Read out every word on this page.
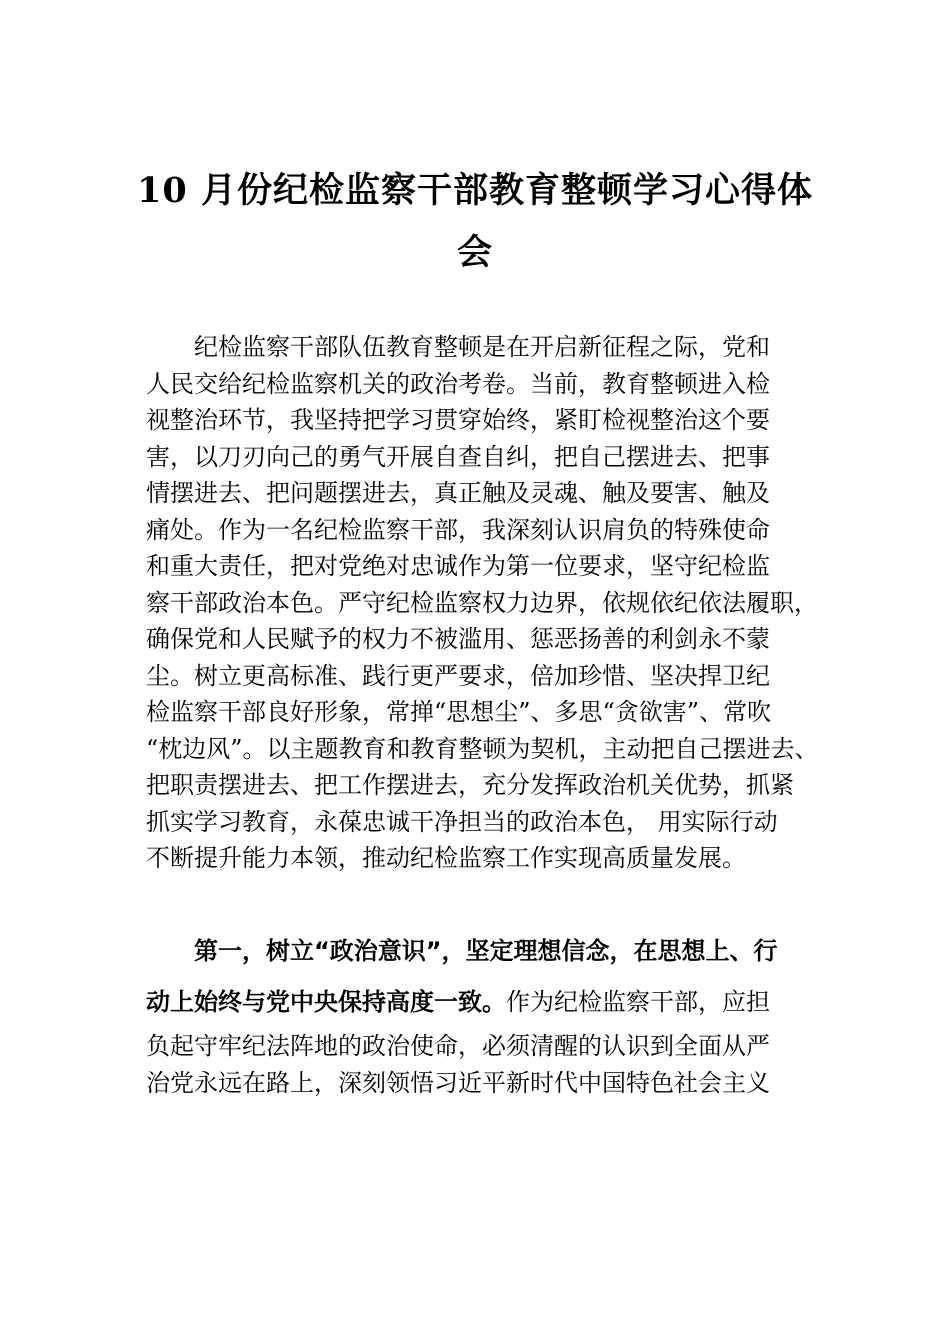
10 月份纪检监察干部教育整顿学习心得体
会
纪检监察干部队伍教育整顿是在开启新征程之际，党和
人民交给纪检监察机关的政治考卷。当前，教育整顿进入检
视整治环节，我坚持把学习贯穿始终，紧盯检视整治这个要
害，以刀刃向己的勇气开展自查自纠，把自己摆进去、把事
情摆进去、把问题摆进去，真正触及灵魂、触及要害、触及
痛处。作为一名纪检监察干部，我深刻认识肩负的特殊使命
和重大责任，把对党绝对忠诚作为第一位要求，坚守纪检监
察干部政治本色。严守纪检监察权力边界，依规依纪依法履职，
确保党和人民赋予的权力不被滥用、惩恶扬善的利剑永不蒙
尘。树立更高标准、践行更严要求，倍加珍惜、坚决捍卫纪
检监察干部良好形象，常掸“思想尘”、多思“贪欲害”、常吹
“枕边风”。以主题教育和教育整顿为契机，主动把自己摆进去、
把职责摆进去、把工作摆进去，充分发挥政治机关优势，抓紧
抓实学习教育，永葆忠诚干净担当的政治本色， 用实际行动
不断提升能力本领，推动纪检监察工作实现高质量发展。
第一，树立“政治意识”，坚定理想信念，在思想上、行
动上始终与党中央保持高度一致。作为纪检监察干部，应担
负起守牢纪法阵地的政治使命，必须清醒的认识到全面从严
治党永远在路上，深刻领悟习近平新时代中国特色社会主义
